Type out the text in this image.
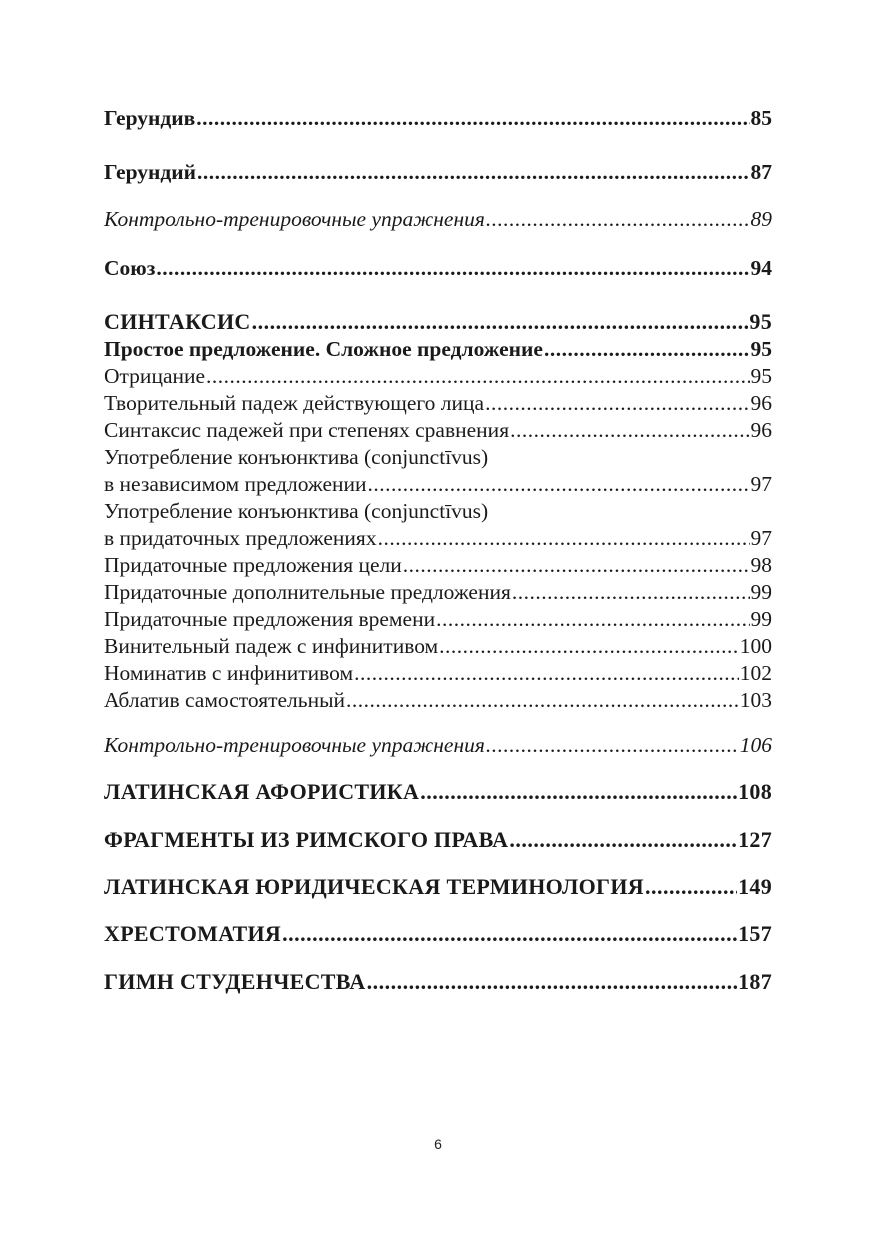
Герундив .....	85
Герундий .....	87
Контрольно-тренировочные упражнения .....	89
Союз .....	94
СИНТАКСИС .....	95
Простое предложение. Сложное предложение .....	95
Отрицание .....	95
Творительный падеж действующего лица .....	96
Синтаксис падежей при степенях сравнения .....	96
Употребление конъюнктива (conjunctīvus)
в независимом предложении .....	97
Употребление конъюнктива (conjunctīvus)
в придаточных предложениях .....	97
Придаточные предложения цели .....	98
Придаточные дополнительные предложения .....	99
Придаточные предложения времени .....	99
Винительный падеж с инфинитивом .....	100
Номинатив с инфинитивом .....	102
Аблатив самостоятельный .....	103
Контрольно-тренировочные упражнения .....	106
ЛАТИНСКАЯ АФОРИСТИКА .....	108
ФРАГМЕНТЫ ИЗ РИМСКОГО ПРАВА .....	127
ЛАТИНСКАЯ ЮРИДИЧЕСКАЯ ТЕРМИНОЛОГИЯ .....	149
ХРЕСТОМАТИЯ .....	157
ГИМН СТУДЕНЧЕСТВА .....	187
6
